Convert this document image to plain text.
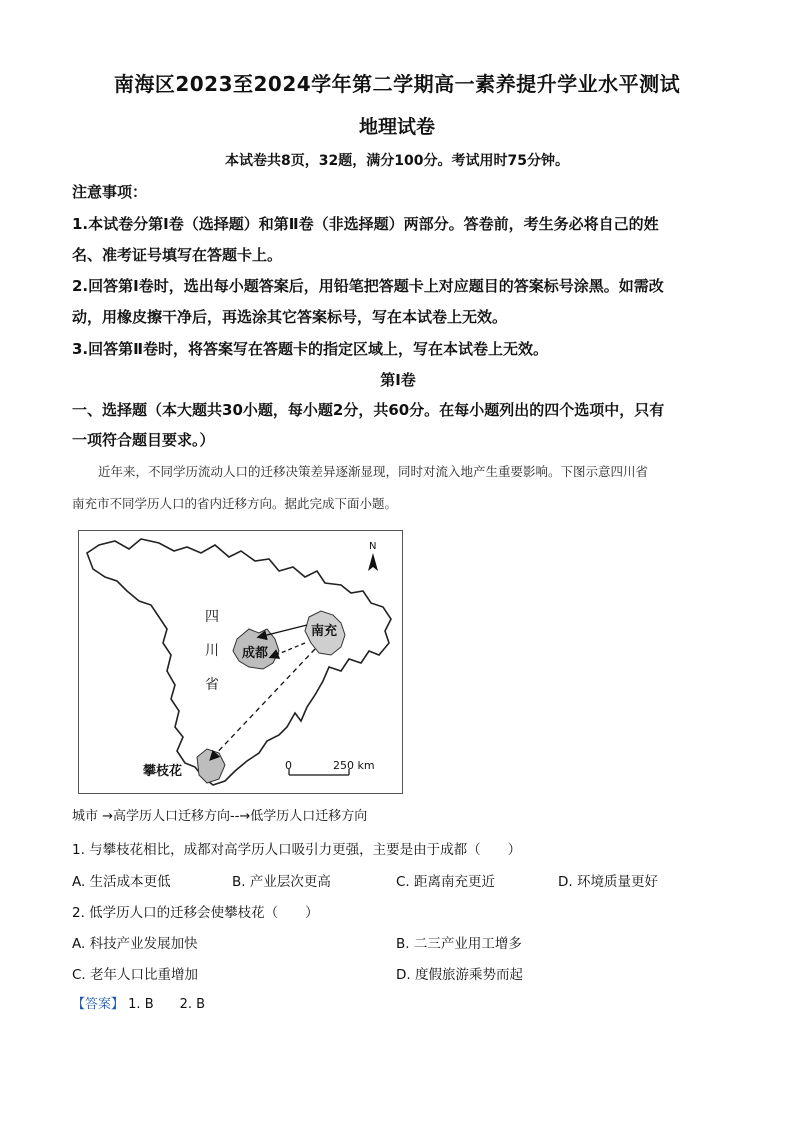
南海区2023至2024学年第二学期高一素养提升学业水平测试
地理试卷
本试卷共8页，32题，满分100分。考试用时75分钟。
注意事项：
1.本试卷分第Ⅰ卷（选择题）和第Ⅱ卷（非选择题）两部分。答卷前，考生务必将自己的姓
名、准考证号填写在答题卡上。
2.回答第Ⅰ卷时，选出每小题答案后，用铅笔把答题卡上对应题目的答案标号涂黑。如需改
动，用橡皮擦干净后，再选涂其它答案标号，写在本试卷上无效。
3.回答第Ⅱ卷时，将答案写在答题卡的指定区域上，写在本试卷上无效。
第Ⅰ卷
一、选择题（本大题共30小题，每小题2分，共60分。在每小题列出的四个选项中，只有
一项符合题目要求。）
近年来，不同学历流动人口的迁移决策差异逐渐显现，同时对流入地产生重要影响。下图示意四川省
南充市不同学历人口的省内迁移方向。据此完成下面小题。
成都
南充
攀枝花
四
川
省
N
0	250 km
城市 →高学历人口迁移方向--→低学历人口迁移方向
1. 与攀枝花相比，成都对高学历人口吸引力更强，主要是由于成都（　　）
A. 生活成本更低	B. 产业层次更高	C. 距离南充更近	D. 环境质量更好
2. 低学历人口的迁移会使攀枝花（　　）
A. 科技产业发展加快	B. 二三产业用工增多
C. 老年人口比重增加	D. 度假旅游乘势而起
【答案】 1. B　　2. B
